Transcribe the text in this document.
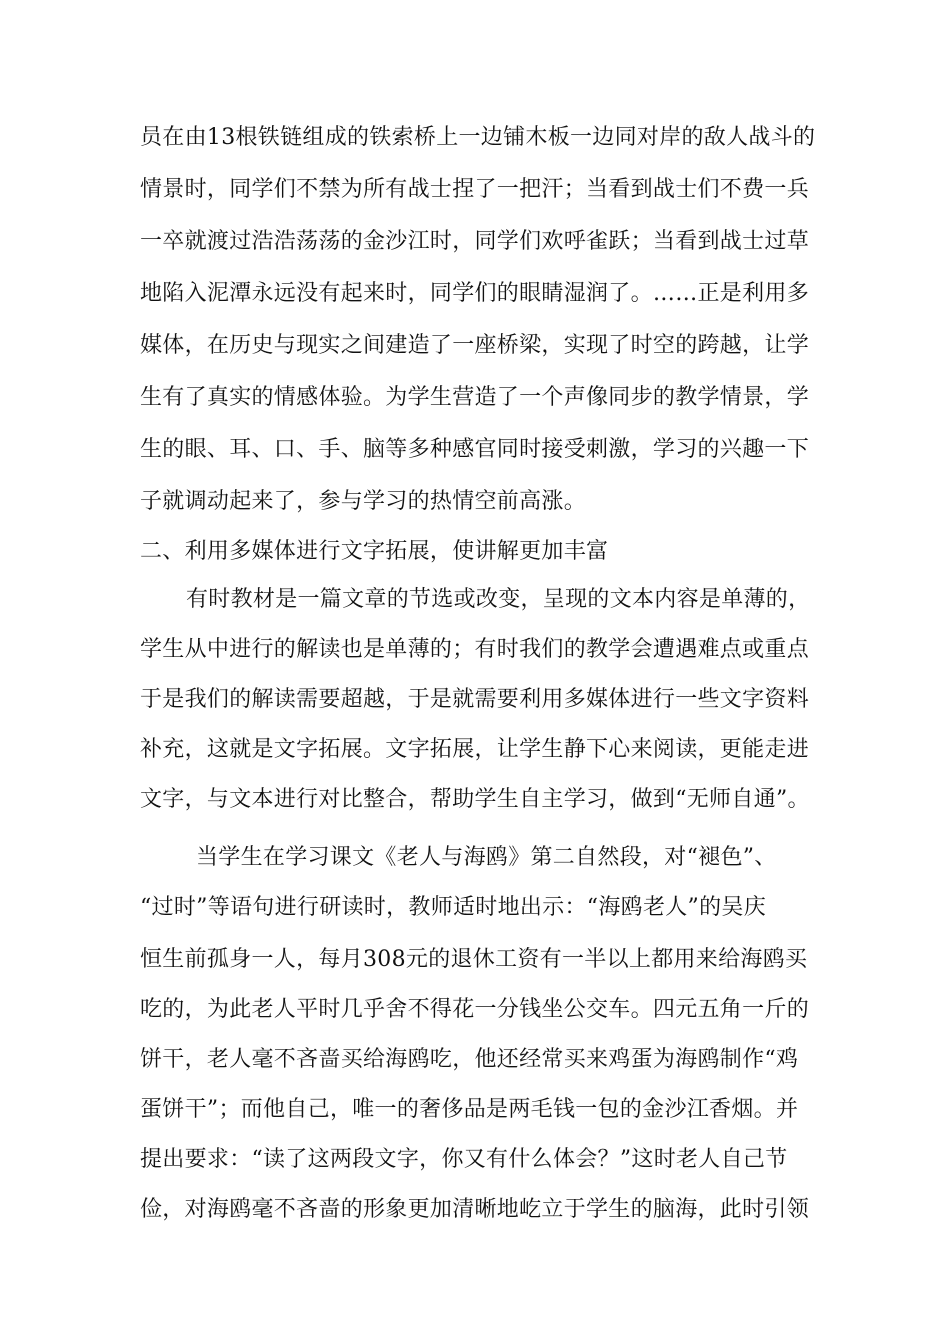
员在由13根铁链组成的铁索桥上一边铺木板一边同对岸的敌人战斗的
情景时，同学们不禁为所有战士捏了一把汗；当看到战士们不费一兵
一卒就渡过浩浩荡荡的金沙江时，同学们欢呼雀跃；当看到战士过草
地陷入泥潭永远没有起来时，同学们的眼睛湿润了。……正是利用多
媒体，在历史与现实之间建造了一座桥梁，实现了时空的跨越，让学
生有了真实的情感体验。为学生营造了一个声像同步的教学情景，学
生的眼、耳、口、手、脑等多种感官同时接受刺激，学习的兴趣一下
子就调动起来了，参与学习的热情空前高涨。
二、利用多媒体进行文字拓展，使讲解更加丰富
有时教材是一篇文章的节选或改变，呈现的文本内容是单薄的，
学生从中进行的解读也是单薄的；有时我们的教学会遭遇难点或重点
于是我们的解读需要超越，于是就需要利用多媒体进行一些文字资料
补充，这就是文字拓展。文字拓展，让学生静下心来阅读，更能走进
文字，与文本进行对比整合，帮助学生自主学习，做到“无师自通”。
当学生在学习课文《老人与海鸥》第二自然段，对“褪色”、
“过时”等语句进行研读时，教师适时地出示：“海鸥老人”的吴庆
恒生前孤身一人，每月308元的退休工资有一半以上都用来给海鸥买
吃的，为此老人平时几乎舍不得花一分钱坐公交车。四元五角一斤的
饼干，老人毫不吝啬买给海鸥吃，他还经常买来鸡蛋为海鸥制作“鸡
蛋饼干”；而他自己，唯一的奢侈品是两毛钱一包的金沙江香烟。并
提出要求：“读了这两段文字，你又有什么体会？”这时老人自己节
俭，对海鸥毫不吝啬的形象更加清晰地屹立于学生的脑海，此时引领
